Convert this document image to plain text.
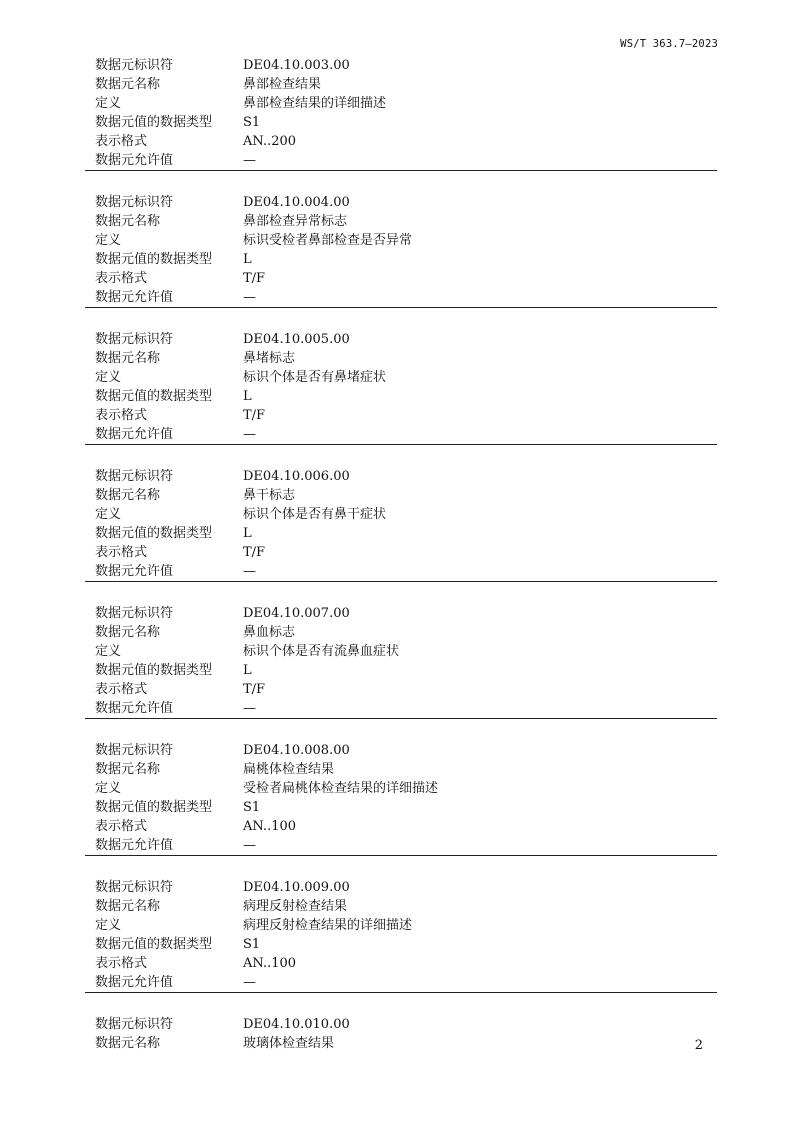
WS/T 363.7—2023
数据元标识符	DE04.10.003.00
数据元名称	鼻部检查结果
定义	鼻部检查结果的详细描述
数据元值的数据类型	S1
表示格式	AN..200
数据元允许值	—
数据元标识符	DE04.10.004.00
数据元名称	鼻部检查异常标志
定义	标识受检者鼻部检查是否异常
数据元值的数据类型	L
表示格式	T/F
数据元允许值	—
数据元标识符	DE04.10.005.00
数据元名称	鼻堵标志
定义	标识个体是否有鼻堵症状
数据元值的数据类型	L
表示格式	T/F
数据元允许值	—
数据元标识符	DE04.10.006.00
数据元名称	鼻干标志
定义	标识个体是否有鼻干症状
数据元值的数据类型	L
表示格式	T/F
数据元允许值	—
数据元标识符	DE04.10.007.00
数据元名称	鼻血标志
定义	标识个体是否有流鼻血症状
数据元值的数据类型	L
表示格式	T/F
数据元允许值	—
数据元标识符	DE04.10.008.00
数据元名称	扁桃体检查结果
定义	受检者扁桃体检查结果的详细描述
数据元值的数据类型	S1
表示格式	AN..100
数据元允许值	—
数据元标识符	DE04.10.009.00
数据元名称	病理反射检查结果
定义	病理反射检查结果的详细描述
数据元值的数据类型	S1
表示格式	AN..100
数据元允许值	—
数据元标识符	DE04.10.010.00
数据元名称	玻璃体检查结果	2
